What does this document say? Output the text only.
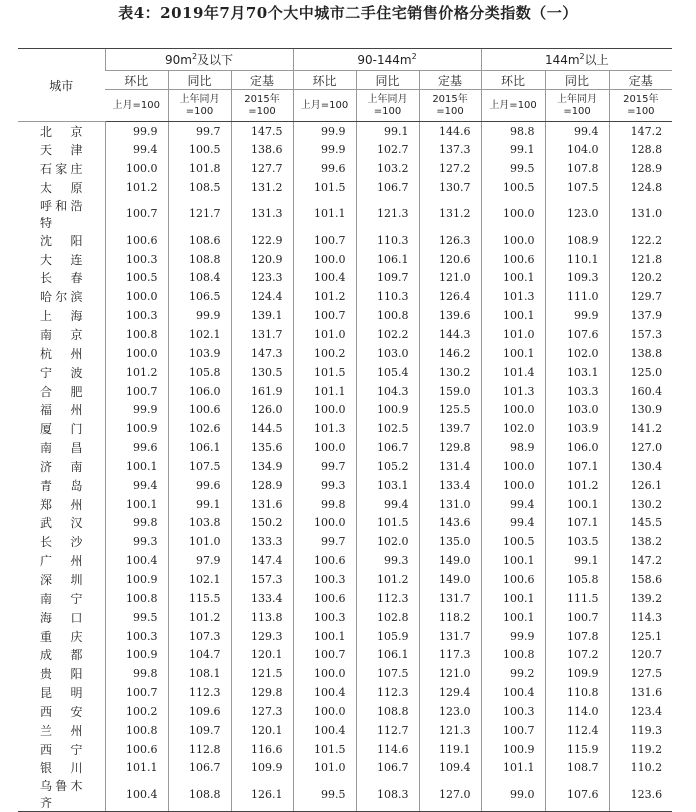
表4：2019年7月70个大中城市二手住宅销售价格分类指数（一）
城市	$90m^2$及以下			$90-144m^2$			$144m^2$以上		
	环比	同比	定基	环比	同比	定基	环比	同比	定基
	上月=100	上年同月=100	2015年=100	上月=100	上年同月=100	2015年=100	上月=100	上年同月=100	2015年=100
北　京	99.9	99.7	147.5	99.9	99.1	144.6	98.8	99.4	147.2
天　津	99.4	100.5	138.6	99.9	102.7	137.3	99.1	104.0	128.8
石家庄	100.0	101.8	127.7	99.6	103.2	127.2	99.5	107.8	128.9
太　原	101.2	108.5	131.2	101.5	106.7	130.7	100.5	107.5	124.8
呼和浩特	100.7	121.7	131.3	101.1	121.3	131.2	100.0	123.0	131.0
沈　阳	100.6	108.6	122.9	100.7	110.3	126.3	100.0	108.9	122.2
大　连	100.3	108.8	120.9	100.0	106.1	120.6	100.6	110.1	121.8
长　春	100.5	108.4	123.3	100.4	109.7	121.0	100.1	109.3	120.2
哈尔滨	100.0	106.5	124.4	101.2	110.3	126.4	101.3	111.0	129.7
上　海	100.3	99.9	139.1	100.7	100.8	139.6	100.1	99.9	137.9
南　京	100.8	102.1	131.7	101.0	102.2	144.3	101.0	107.6	157.3
杭　州	100.0	103.9	147.3	100.2	103.0	146.2	100.1	102.0	138.8
宁　波	101.2	105.8	130.5	101.5	105.4	130.2	101.4	103.1	125.0
合　肥	100.7	106.0	161.9	101.1	104.3	159.0	101.3	103.3	160.4
福　州	99.9	100.6	126.0	100.0	100.9	125.5	100.0	103.0	130.9
厦　门	100.9	102.6	144.5	101.3	102.5	139.7	102.0	103.9	141.2
南　昌	99.6	106.1	135.6	100.0	106.7	129.8	98.9	106.0	127.0
济　南	100.1	107.5	134.9	99.7	105.2	131.4	100.0	107.1	130.4
青　岛	99.4	99.6	128.9	99.3	103.1	133.4	100.0	101.2	126.1
郑　州	100.1	99.1	131.6	99.8	99.4	131.0	99.4	100.1	130.2
武　汉	99.8	103.8	150.2	100.0	101.5	143.6	99.4	107.1	145.5
长　沙	99.3	101.0	133.3	99.7	102.0	135.0	100.5	103.5	138.2
广　州	100.4	97.9	147.4	100.6	99.3	149.0	100.1	99.1	147.2
深　圳	100.9	102.1	157.3	100.3	101.2	149.0	100.6	105.8	158.6
南　宁	100.8	115.5	133.4	100.6	112.3	131.7	100.1	111.5	139.2
海　口	99.5	101.2	113.8	100.3	102.8	118.2	100.1	100.7	114.3
重　庆	100.3	107.3	129.3	100.1	105.9	131.7	99.9	107.8	125.1
成　都	100.9	104.7	120.1	100.7	106.1	117.3	100.8	107.2	120.7
贵　阳	99.8	108.1	121.5	100.0	107.5	121.0	99.2	109.9	127.5
昆　明	100.7	112.3	129.8	100.4	112.3	129.4	100.4	110.8	131.6
西　安	100.2	109.6	127.3	100.0	108.8	123.0	100.3	114.0	123.4
兰　州	100.8	109.7	120.1	100.4	112.7	121.3	100.7	112.4	119.3
西　宁	100.6	112.8	116.6	101.5	114.6	119.1	100.9	115.9	119.2
银　川	101.1	106.7	109.9	101.0	106.7	109.4	101.1	108.7	110.2
乌鲁木齐	100.4	108.8	126.1	99.5	108.3	127.0	99.0	107.6	123.6
